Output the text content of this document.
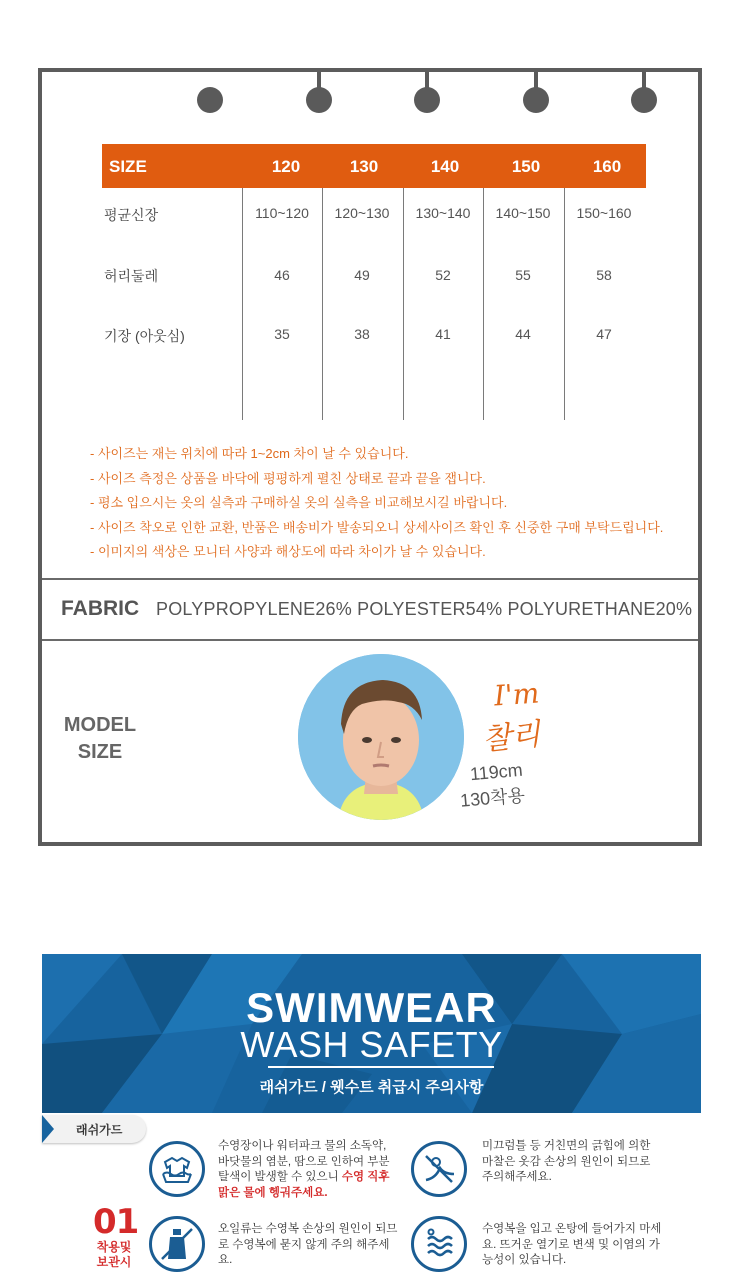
SIZE	120	130	140	150	160
평균신장	110~120	120~130	130~140	140~150	150~160
허리둘레	46	49	52	55	58
기장 (아웃심)	35	38	41	44	47
- 사이즈는 재는 위치에 따라 1~2cm 차이 날 수 있습니다.
- 사이즈 측정은 상품을 바닥에 평평하게 펼친 상태로 끝과 끝을 잽니다.
- 평소 입으시는 옷의 실측과 구매하실 옷의 실측을 비교해보시길 바랍니다.
- 사이즈 착오로 인한 교환, 반품은 배송비가 발송되오니 상세사이즈 확인 후 신중한 구매 부탁드립니다.
- 이미지의 색상은 모니터 사양과 해상도에 따라 차이가 날 수 있습니다.
FABRIC POLYPROPYLENE26% POLYESTER54% POLYURETHANE20%
MODEL
SIZE
I'm
찰리
119cm
130착용
SWIMWEAR
WASH SAFETY
래쉬가드 / 웻수트 취급시 주의사항
래쉬가드
01
착용및
보관시
수영장이나 워터파크 물의 소독약, 바닷물의 염분, 땀으로 인하여 부분 탈색이 발생할 수 있으니 수영 직후 맑은 물에 헹궈주세요.
미끄럼틀 등 거친면의 긁힘에 의한 마찰은 옷감 손상의 원인이 되므로 주의해주세요.
오일류는 수영복 손상의 원인이 되므로 수영복에 묻지 않게 주의 해주세요.
수영복을 입고 온탕에 들어가지 마세요. 뜨거운 열기로 변색 및 이염의 가능성이 있습니다.
